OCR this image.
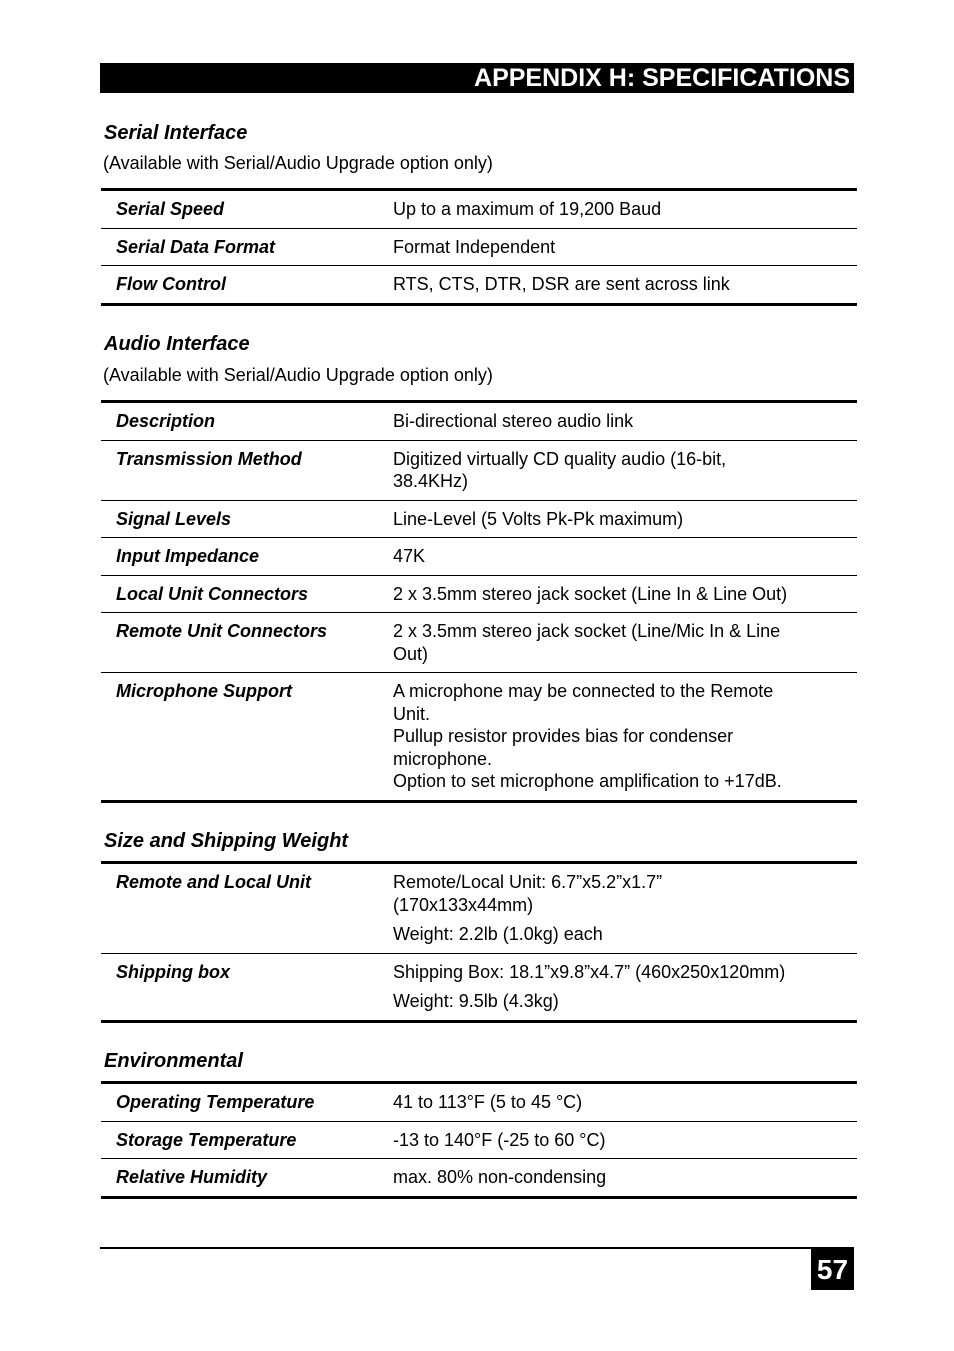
APPENDIX H: SPECIFICATIONS
Serial Interface
(Available with Serial/Audio Upgrade option only)
Serial Speed	Up to a maximum of 19,200 Baud

Serial Data Format	Format Independent

Flow Control	RTS, CTS, DTR, DSR are sent across link
Audio Interface
(Available with Serial/Audio Upgrade option only)
Description	Bi-directional stereo audio link

Transmission Method	Digitized virtually CD quality audio (16-bit,
38.4KHz)

Signal Levels	Line-Level (5 Volts Pk-Pk maximum)

Input Impedance	47K

Local Unit Connectors	2 x 3.5mm stereo jack socket (Line In & Line Out)

Remote Unit Connectors	2 x 3.5mm stereo jack socket (Line/Mic In & Line
Out)

Microphone Support	A microphone may be connected to the Remote
Unit.
Pullup resistor provides bias for condenser
microphone.
Option to set microphone amplification to +17dB.
Size and Shipping Weight
Remote and Local Unit	Remote/Local Unit: 6.7”x5.2”x1.7”
(170x133x44mm)
Weight: 2.2lb (1.0kg) each

Shipping box	Shipping Box: 18.1”x9.8”x4.7” (460x250x120mm)
Weight: 9.5lb (4.3kg)
Environmental
Operating Temperature	41 to 113°F (5 to 45 °C)

Storage Temperature	-13 to 140°F (-25 to 60 °C)

Relative Humidity	max. 80% non-condensing
57
